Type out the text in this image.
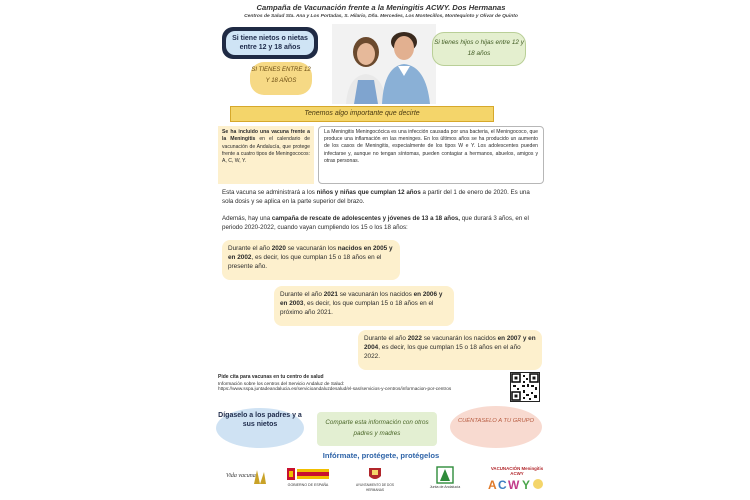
Campaña de Vacunación frente a la Meningitis ACWY. Dos Hermanas
Centros de Salud Sta. Ana y Los Portadas, S. Hilario, Dña. Mercedes, Los Montecillos, Montequinto y Olivar de Quinto
Si tiene nietos o nietas entre 12 y 18 años
SI TIENES ENTRE 12 Y 18 AÑOS
Si tienes hijos o hijas entre 12 y 18 años
Tenemos algo importante que decirte
Se ha incluido una vacuna frente a la Meningitis en el calendario de vacunación de Andalucía, que protege frente a cuatro tipos de Meningococos: A, C, W, Y.
La Meningitis Meningocócica es una infección causada por una bacteria, el Meningococo, que produce una inflamación en las meninges. En los últimos años se ha producido un aumento de los casos de Meningitis, especialmente de los tipos W e Y. Los adolescentes pueden infectarse y, aunque no tengan síntomas, pueden contagiar a hermanos, abuelos, amigos y otras personas.
Esta vacuna se administrará a los niños y niñas que cumplan 12 años a partir del 1 de enero de 2020. Es una sola dosis y se aplica en la parte superior del brazo.
Además, hay una campaña de rescate de adolescentes y jóvenes de 13 a 18 años, que durará 3 años, en el periodo 2020-2022, cuando vayan cumpliendo los 15 o los 18 años:
Durante el año 2020 se vacunarán los nacidos en 2005 y en 2002, es decir, los que cumplan 15 o 18 años en el presente año.
Durante el año 2021 se vacunarán los nacidos en 2006 y en 2003, es decir, los que cumplan 15 o 18 años en el próximo año 2021.
Durante el año 2022 se vacunarán los nacidos en 2007 y en 2004, es decir, los que cumplan 15 o 18 años en el año 2022.
Pide cita para vacunas en tu centro de salud
Información sobre los centros del Servicio Andaluz de Salud:
https://www.sspa.juntadeandalucia.es/servicioandaluzdesalud/el-sas/servicios-y-centros/informacion-por-centros
Dígaselo a los padres y a sus nietos	Comparte esta información con otros padres y madres
CUÉNTASELO A TU GRUPO
Infórmate, protégete, protégelos
Vida vacuna
GOBIERNO DE ESPAÑA	AYUNTAMIENTO DE DOS HERMANAS
Junta de Andalucía
VACUNACIÓN Meningitis ACWY
A C W Y
